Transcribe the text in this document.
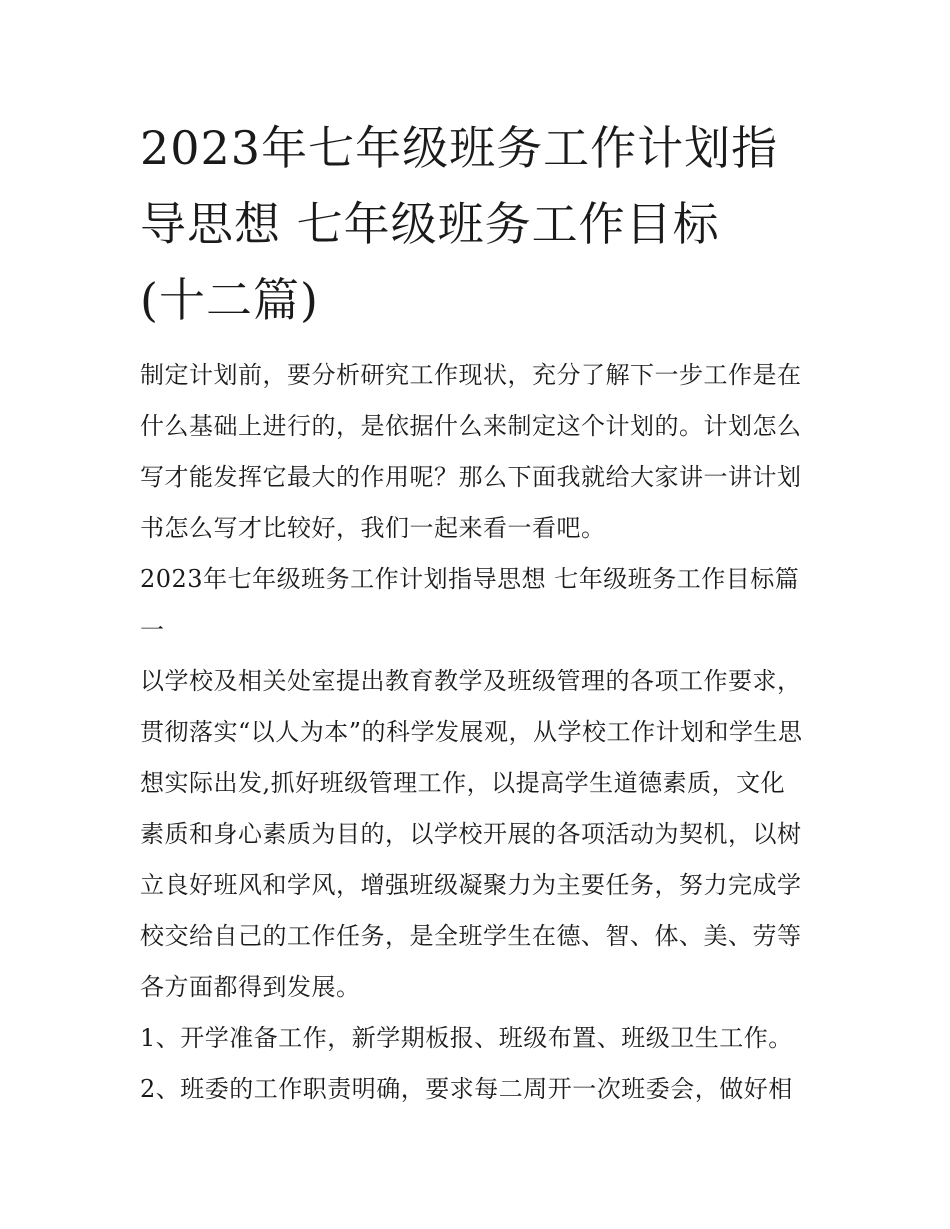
2023年七年级班务工作计划指
导思想 七年级班务工作目标
(十二篇)

制定计划前，要分析研究工作现状，充分了解下一步工作是在
什么基础上进行的，是依据什么来制定这个计划的。计划怎么
写才能发挥它最大的作用呢？那么下面我就给大家讲一讲计划
书怎么写才比较好，我们一起来看一看吧。

2023年七年级班务工作计划指导思想 七年级班务工作目标篇
一

以学校及相关处室提出教育教学及班级管理的各项工作要求，
贯彻落实“以人为本”的科学发展观，从学校工作计划和学生思
想实际出发,抓好班级管理工作，以提高学生道德素质，文化
素质和身心素质为目的，以学校开展的各项活动为契机，以树
立良好班风和学风，增强班级凝聚力为主要任务，努力完成学
校交给自己的工作任务，是全班学生在德、智、体、美、劳等
各方面都得到发展。

1、开学准备工作，新学期板报、班级布置、班级卫生工作。

2、班委的工作职责明确，要求每二周开一次班委会，做好相
